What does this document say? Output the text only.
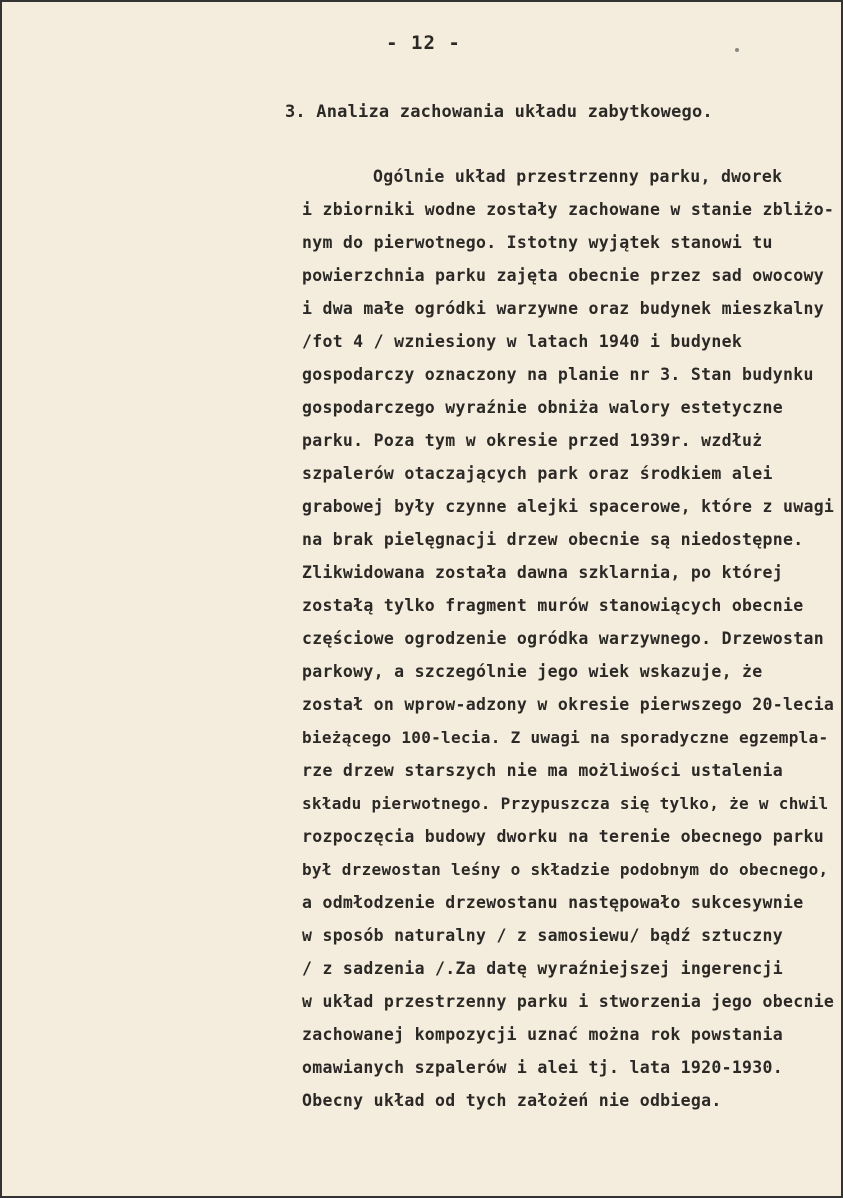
- 12 -
3. Analiza zachowania układu zabytkowego.
Ogólnie układ przestrzenny parku, dworek
i zbiorniki wodne zostały zachowane w stanie zbliżo-
nym do pierwotnego. Istotny wyjątek stanowi tu
powierzchnia parku zajęta obecnie przez sad owocowy
i dwa małe ogródki warzywne oraz budynek mieszkalny
/fot 4 / wzniesiony w latach 1940 i budynek
gospodarczy oznaczony na planie nr 3. Stan budynku
gospodarczego wyraźnie obniża walory estetyczne
parku. Poza tym w okresie przed 1939r. wzdłuż
szpalerów otaczających park oraz środkiem alei
grabowej były czynne alejki spacerowe, które z uwagi
na brak pielęgnacji drzew obecnie są niedostępne.
Zlikwidowana została dawna szklarnia, po której
zostałą tylko fragment murów stanowiących obecnie
częściowe ogrodzenie ogródka warzywnego. Drzewostan
parkowy, a szczególnie jego wiek wskazuje, że
został on wprow-adzony w okresie pierwszego 20-lecia
bieżącego 100-lecia. Z uwagi na sporadyczne egzempla-
rze drzew starszych nie ma możliwości ustalenia
składu pierwotnego. Przypuszcza się tylko, że w chwil
rozpoczęcia budowy dworku na terenie obecnego parku
był drzewostan leśny o składzie podobnym do obecnego,
a odmłodzenie drzewostanu następowało sukcesywnie
w sposób naturalny / z samosiewu/ bądź sztuczny
/ z sadzenia /.Za datę wyraźniejszej ingerencji
w układ przestrzenny parku i stworzenia jego obecnie
zachowanej kompozycji uznać można rok powstania
omawianych szpalerów i alei tj. lata 1920-1930.
Obecny układ od tych założeń nie odbiega.
